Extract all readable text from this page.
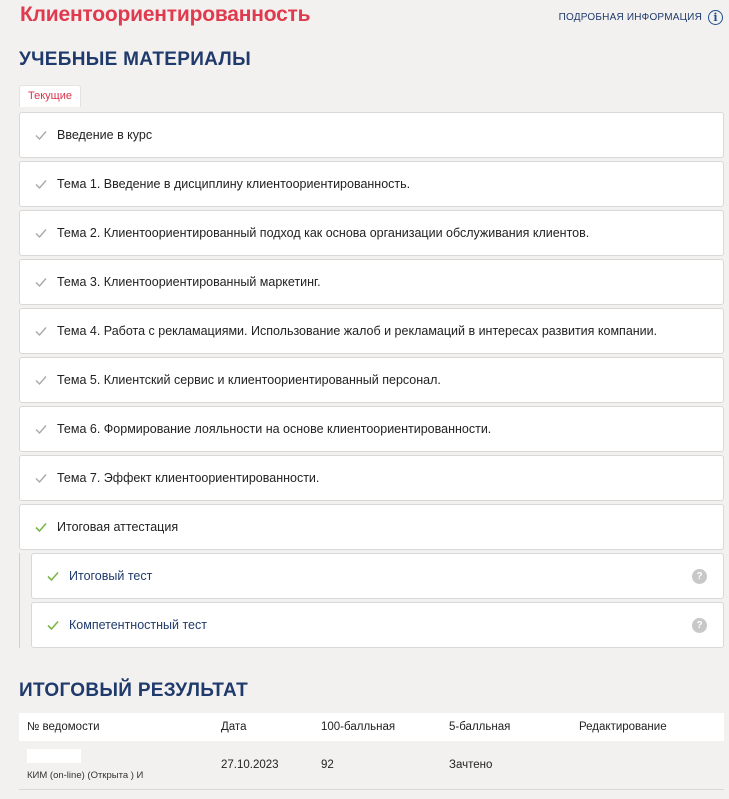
Клиентоориентированность	ПОДРОБНАЯ ИНФОРМАЦИЯ	i
УЧЕБНЫЕ МАТЕРИАЛЫ
Текущие
Введение в курс
Тема 1. Введение в дисциплину клиентоориентированность.
Тема 2. Клиентоориентированный подход как основа организации обслуживания клиентов.
Тема 3. Клиентоориентированный маркетинг.
Тема 4. Работа с рекламациями. Использование жалоб и рекламаций в интересах развития компании.
Тема 5. Клиентский сервис и клиентоориентированный персонал.
Тема 6. Формирование лояльности на основе клиентоориентированности.
Тема 7. Эффект клиентоориентированности.
Итоговая аттестация
Итоговый тест	?
Компетентностный тест	?
ИТОГОВЫЙ РЕЗУЛЬТАТ
№ ведомости	Дата	100-балльная	5-балльная	Редактирование

КИМ (on-line) (Открыта ) И	27.10.2023	92	Зачтено	
